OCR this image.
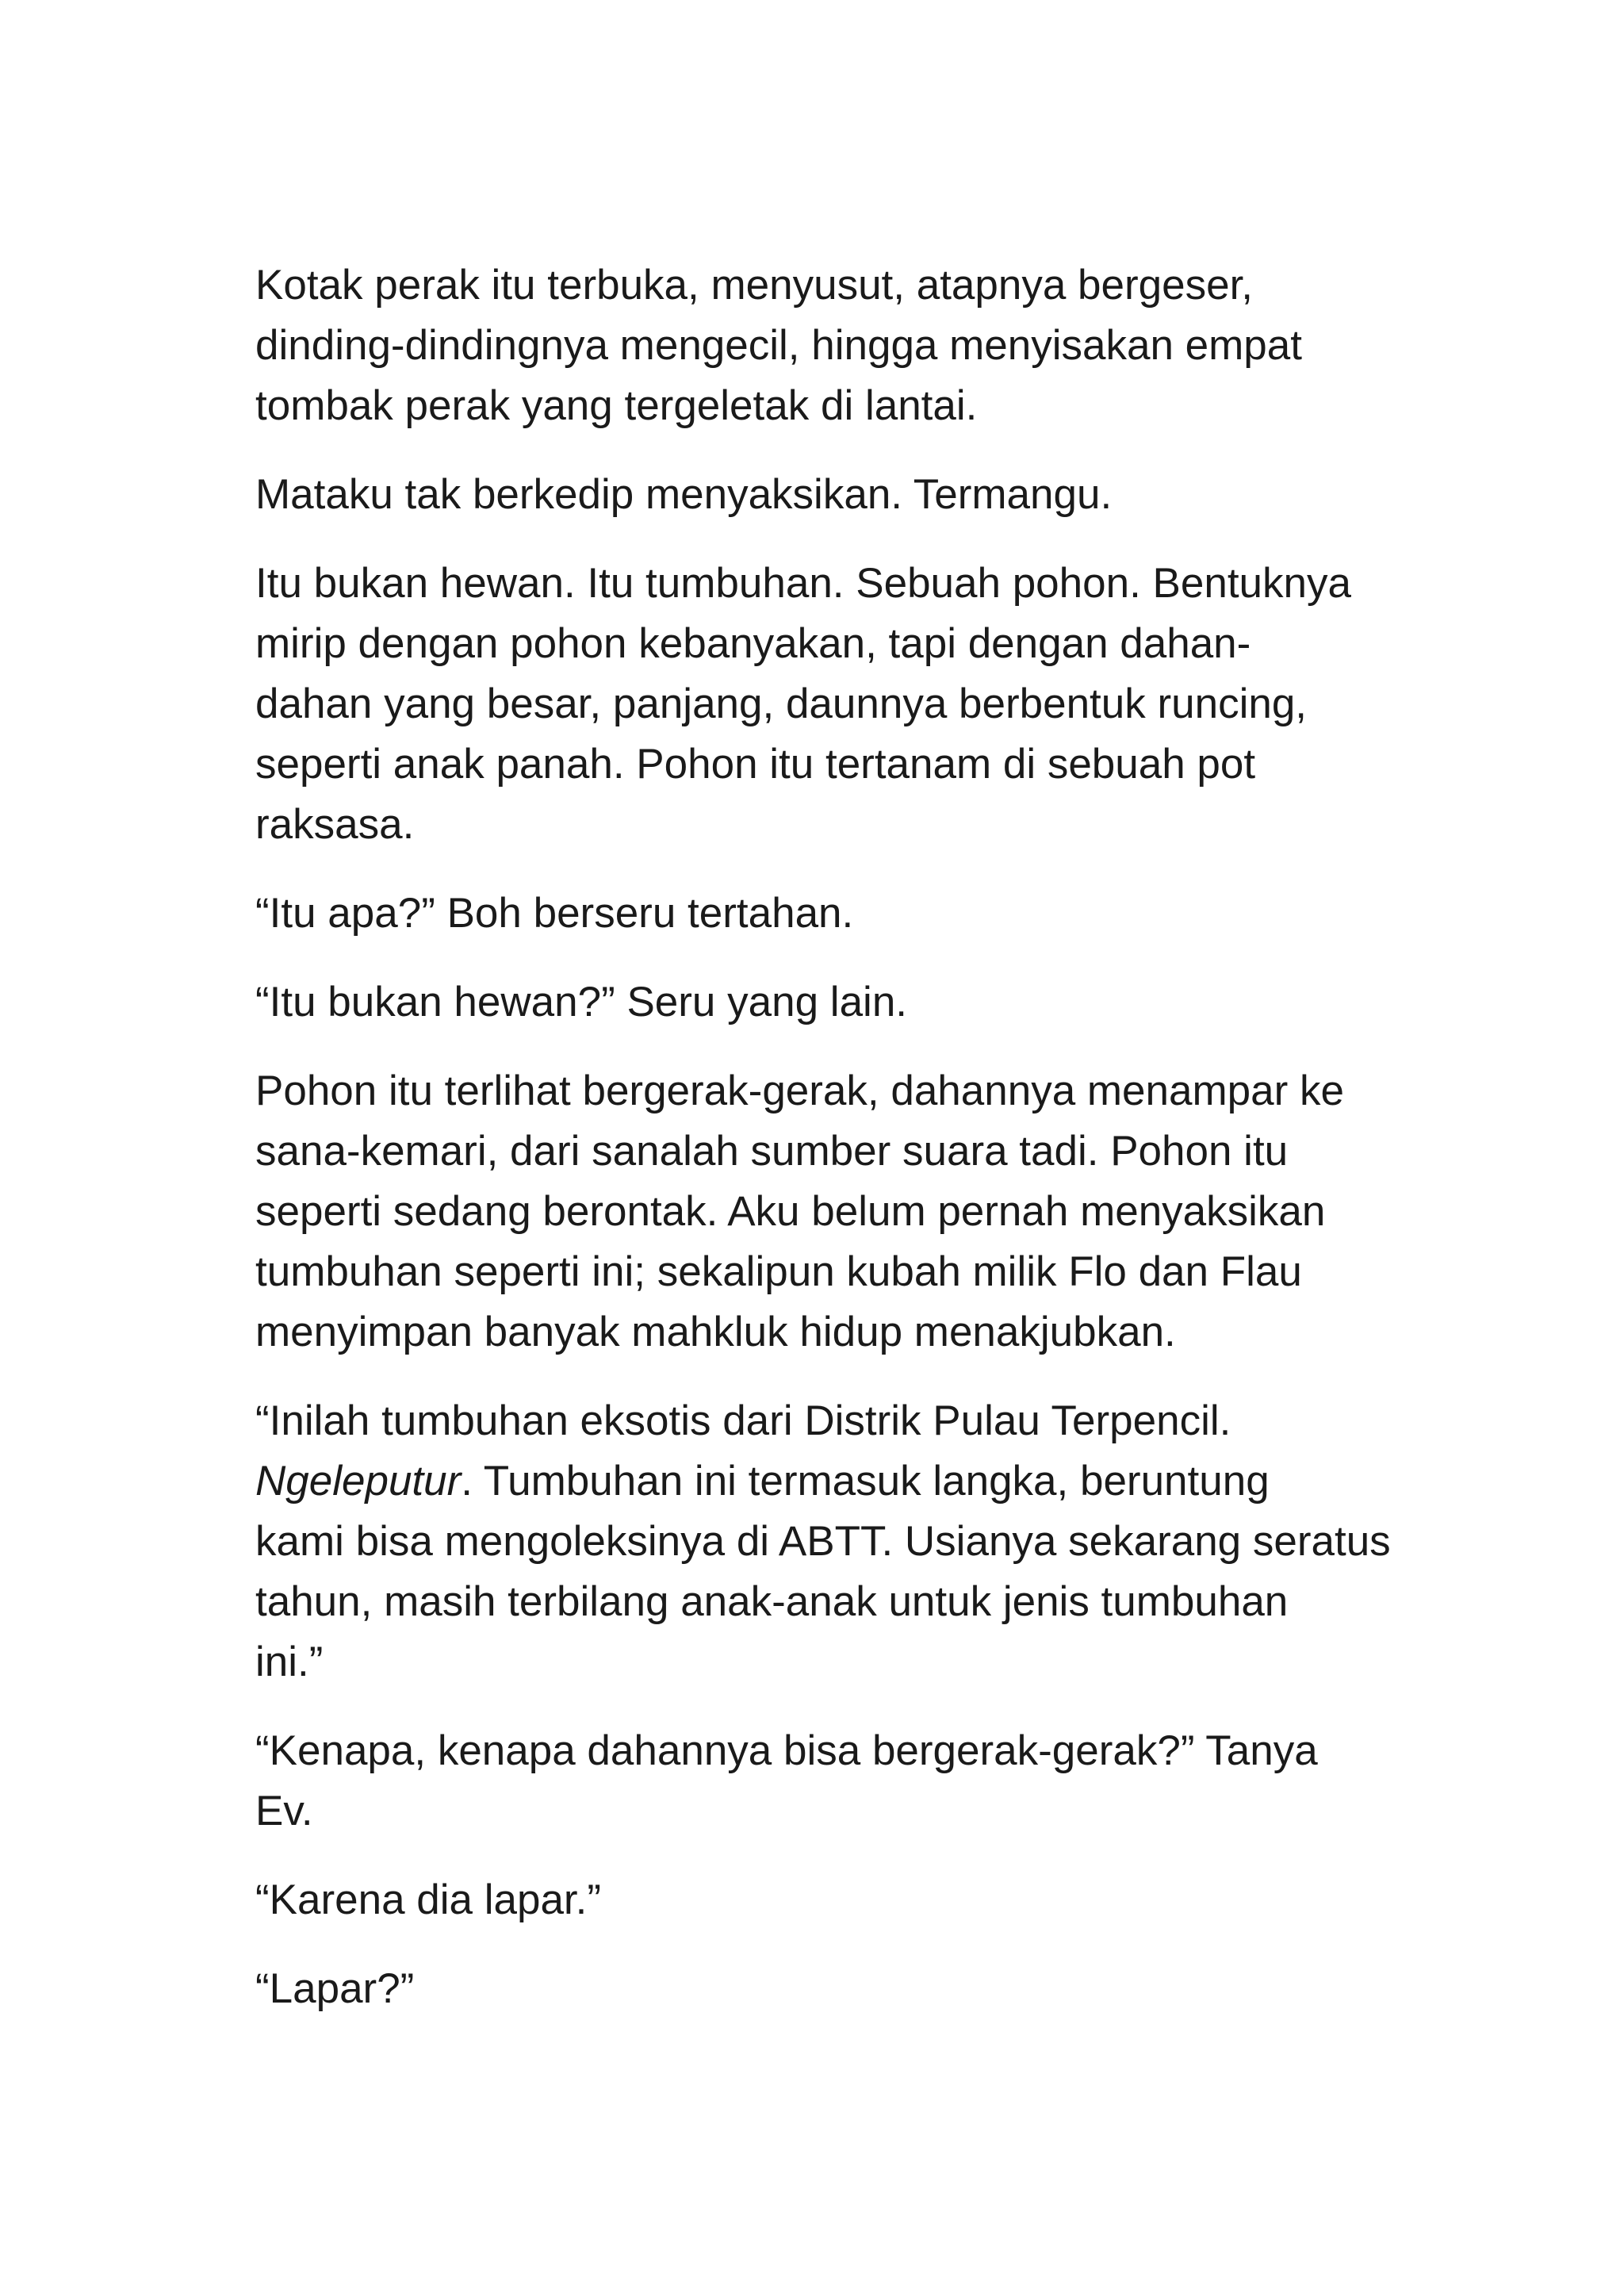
Kotak perak itu terbuka, menyusut, atapnya bergeser,
dinding-dindingnya mengecil, hingga menyisakan empat
tombak perak yang tergeletak di lantai.

Mataku tak berkedip menyaksikan. Termangu.

Itu bukan hewan. Itu tumbuhan. Sebuah pohon. Bentuknya
mirip dengan pohon kebanyakan, tapi dengan dahan-
dahan yang besar, panjang, daunnya berbentuk runcing,
seperti anak panah. Pohon itu tertanam di sebuah pot
raksasa.

“Itu apa?” Boh berseru tertahan.

“Itu bukan hewan?” Seru yang lain.

Pohon itu terlihat bergerak-gerak, dahannya menampar ke
sana-kemari, dari sanalah sumber suara tadi. Pohon itu
seperti sedang berontak. Aku belum pernah menyaksikan
tumbuhan seperti ini; sekalipun kubah milik Flo dan Flau
menyimpan banyak mahkluk hidup menakjubkan.

“Inilah tumbuhan eksotis dari Distrik Pulau Terpencil.
Ngeleputur. Tumbuhan ini termasuk langka, beruntung
kami bisa mengoleksinya di ABTT. Usianya sekarang seratus
tahun, masih terbilang anak-anak untuk jenis tumbuhan
ini.”

“Kenapa, kenapa dahannya bisa bergerak-gerak?” Tanya
Ev.

“Karena dia lapar.”

“Lapar?”
